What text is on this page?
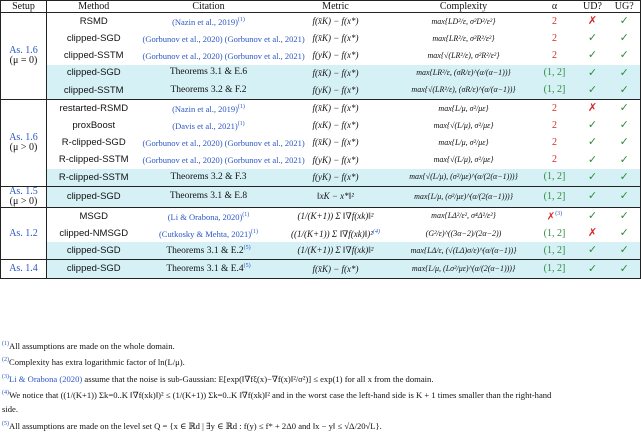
Setup	Method	Citation	Metric	Complexity	α	UD?	UG?
As. 1.6
(μ = 0)	RSMD	(Nazin et al., 2019)$^{(1)}$	f(x̄K) − f(x*)	max{LD²/ε, σ²D²/ε²}	2	✗	✓
	clipped-SGD	(Gorbunov et al., 2020) (Gorbunov et al., 2021)	f(x̄K) − f(x*)	max{LR²/ε, σ²R²/ε²}	2	✓	✓
	clipped-SSTM	(Gorbunov et al., 2020) (Gorbunov et al., 2021)	f(yK) − f(x*)	max{√(LR²/ε), σ²R²/ε²}	2	✓	✓
	clipped-SGD	Theorems 3.1 & E.6	f(x̄K) − f(x*)	max{LR²/ε, (σR/ε)^(α/(α−1))}	(1, 2]	✓	✓
	clipped-SSTM	Theorems 3.2 & F.2	f(yK) − f(x*)	max{√(LR²/ε), (σR/ε)^(α/(α−1))}	(1, 2]	✓	✓
As. 1.6
(μ > 0)	restarted-RSMD	(Nazin et al., 2019)$^{(1)}$	f(x̄K) − f(x*)	max{L/μ, σ²/με}	2	✗	✓
	proxBoost	(Davis et al., 2021)$^{(1)}$	f(xK) − f(x*)	max{√(L/μ), σ²/με}	2	✓	✓
	R-clipped-SGD	(Gorbunov et al., 2020) (Gorbunov et al., 2021)	f(x̄K) − f(x*)	max{L/μ, σ²/με}	2	✓	✓
	R-clipped-SSTM	(Gorbunov et al., 2020) (Gorbunov et al., 2021)	f(yK) − f(x*)	max{√(L/μ), σ²/με}	2	✓	✓
	R-clipped-SSTM	Theorems 3.2 & F.3	f(yK) − f(x*)	max{√(L/μ), (σ²/με)^(α/(2(α−1)))}	(1, 2]	✓	✓
As. 1.5
(μ > 0)	clipped-SGD	Theorems 3.1 & E.8	‖xK − x*‖²	max{L/μ, (σ²/με)^(α/(2(α−1)))}	(1, 2]	✓	✓
As. 1.2	MSGD	(Li & Orabona, 2020)$^{(1)}$	(1/(K+1)) Σ ‖∇f(xk)‖²	max{LΔ²/ε², σ⁴Δ²/ε²}	✗$^{(3)}$	✓	✓
	clipped-NMSGD	(Cutkosky & Mehta, 2021)$^{(1)}$	((1/(K+1)) Σ ‖∇f(xk)‖)²$^{(4)}$	(G²/ε)^((3α−2)/(2α−2))	(1, 2]	✗	✓
	clipped-SGD	Theorems 3.1 & E.2$^{(5)}$	(1/(K+1)) Σ ‖∇f(xk)‖²	max{LΔ/ε, (√(LΔ)σ/ε)^(α/(α−1))}	(1, 2]	✓	✓
As. 1.4	clipped-SGD	Theorems 3.1 & E.4$^{(5)}$	f(x̄K) − f(x*)	max{L/μ, (Lσ²/με)^(α/(2(α−1)))}	(1, 2]	✓	✓
$^{(1)}$All assumptions are made on the whole domain.
$^{(2)}$Complexity has extra logarithmic factor of ln(L/μ).
$^{(3)}$Li & Orabona (2020) assume that the noise is sub-Gaussian: E[exp(‖∇fξ(x)−∇f(x)‖²/σ²)] ≤ exp(1) for all x from the domain.
$^{(4)}$We notice that ((1/(K+1)) Σk=0..K ‖∇f(xk)‖)² ≤ (1/(K+1)) Σk=0..K ‖∇f(xk)‖² and in the worst case the left-hand side is K + 1 times smaller than the right-hand
side.
$^{(5)}$All assumptions are made on the level set Q = {x ∈ ℝd | ∃y ∈ ℝd : f(y) ≤ f* + 2Δ0 and ‖x − y‖ ≤ √Δ/20√L}.
